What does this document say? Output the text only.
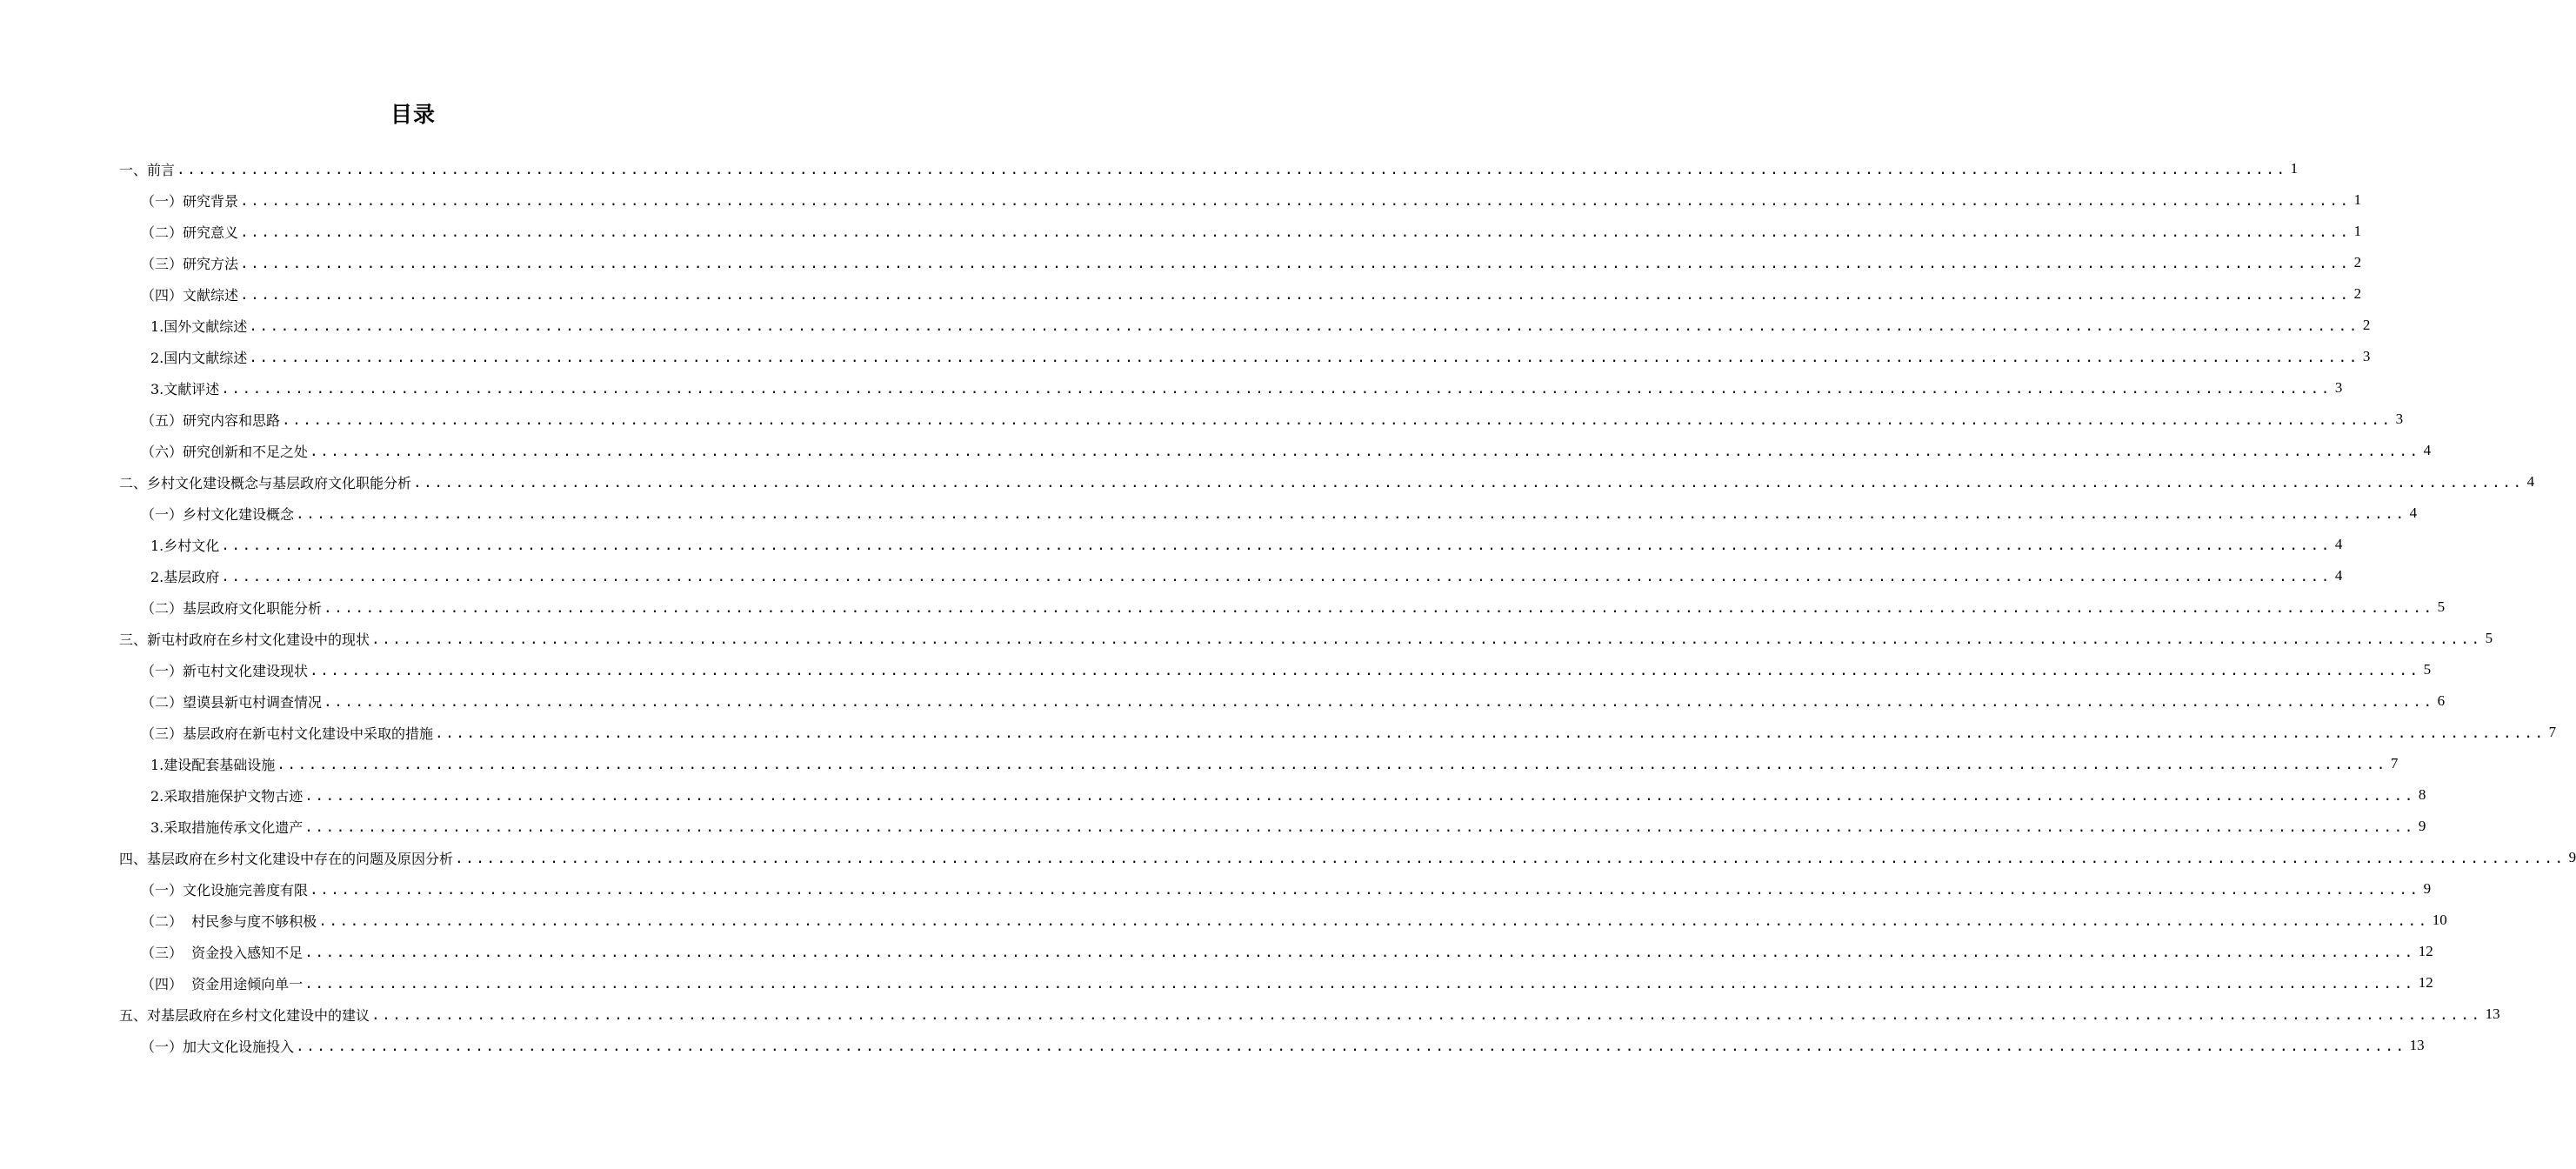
目录
一、前言 ........................................................................................................................................................................................................ 1
（一）研究背景 ........................................................................................................................................................................................................ 1
（二）研究意义 ........................................................................................................................................................................................................ 1
（三）研究方法 ........................................................................................................................................................................................................ 2
（四）文献综述 ........................................................................................................................................................................................................ 2
1.国外文献综述 ........................................................................................................................................................................................................ 2
2.国内文献综述 ........................................................................................................................................................................................................ 3
3.文献评述 ........................................................................................................................................................................................................ 3
（五）研究内容和思路 ........................................................................................................................................................................................................ 3
（六）研究创新和不足之处 ........................................................................................................................................................................................................ 4
二、乡村文化建设概念与基层政府文化职能分析 ........................................................................................................................................................................................................ 4
（一）乡村文化建设概念 ........................................................................................................................................................................................................ 4
1.乡村文化 ........................................................................................................................................................................................................ 4
2.基层政府 ........................................................................................................................................................................................................ 4
（二）基层政府文化职能分析 ........................................................................................................................................................................................................ 5
三、新屯村政府在乡村文化建设中的现状 ........................................................................................................................................................................................................ 5
（一）新屯村文化建设现状 ........................................................................................................................................................................................................ 5
（二）望谟县新屯村调查情况 ........................................................................................................................................................................................................ 6
（三）基层政府在新屯村文化建设中采取的措施 ........................................................................................................................................................................................................ 7
1.建设配套基础设施 ........................................................................................................................................................................................................ 7
2.采取措施保护文物古迹 ........................................................................................................................................................................................................ 8
3.采取措施传承文化遗产 ........................................................................................................................................................................................................ 9
四、基层政府在乡村文化建设中存在的问题及原因分析 ........................................................................................................................................................................................................ 9
（一）文化设施完善度有限 ........................................................................................................................................................................................................ 9
（二）  村民参与度不够积极 ........................................................................................................................................................................................................ 10
（三）  资金投入感知不足 ........................................................................................................................................................................................................ 12
（四）  资金用途倾向单一 ........................................................................................................................................................................................................ 12
五、对基层政府在乡村文化建设中的建议 ........................................................................................................................................................................................................ 13
（一）加大文化设施投入 ........................................................................................................................................................................................................ 13
